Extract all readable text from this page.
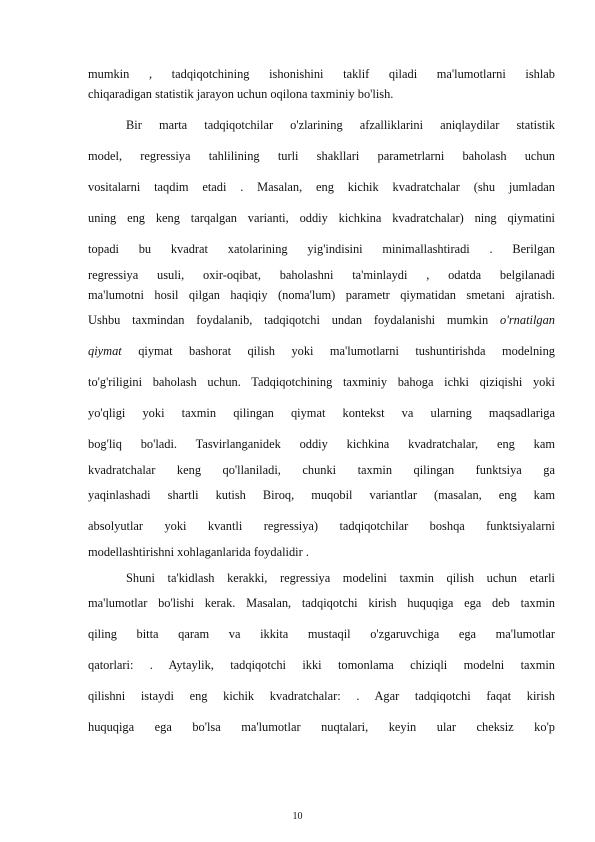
mumkin , tadqiqotchining ishonishini taklif qiladi ma'lumotlarni ishlab
chiqaradigan statistik jarayon uchun oqilona taxminiy bo'lish.
Bir marta tadqiqotchilar o'zlarining afzalliklarini aniqlaydilar statistik
model, regressiya tahlilining turli shakllari parametrlarni baholash uchun
vositalarni taqdim etadi . Masalan, eng kichik kvadratchalar (shu jumladan
uning eng keng tarqalgan varianti, oddiy kichkina kvadratchalar) ning qiymatini
topadi bu kvadrat xatolarining yig'indisini minimallashtiradi . Berilgan
regressiya usuli, oxir-oqibat, baholashni ta'minlaydi , odatda belgilanadi
ma'lumotni hosil qilgan haqiqiy (noma'lum) parametr qiymatidan smetani ajratish.
Ushbu taxmindan foydalanib, tadqiqotchi undan foydalanishi mumkin o'rnatilgan
qiymat qiymat bashorat qilish yoki ma'lumotlarni tushuntirishda modelning
to'g'riligini baholash uchun. Tadqiqotchining taxminiy bahoga ichki qiziqishi yoki
yo'qligi yoki taxmin qilingan qiymat kontekst va ularning maqsadlariga
bog'liq bo'ladi. Tasvirlanganidek oddiy kichkina kvadratchalar, eng kam
kvadratchalar keng qo'llaniladi, chunki taxmin qilingan funktsiya ga
yaqinlashadi shartli kutish Biroq, muqobil variantlar (masalan, eng kam
absolyutlar yoki kvantli regressiya) tadqiqotchilar boshqa funktsiyalarni
modellashtirishni xohlaganlarida foydalidir .
Shuni ta'kidlash kerakki, regressiya modelini taxmin qilish uchun etarli
ma'lumotlar bo'lishi kerak. Masalan, tadqiqotchi kirish huquqiga ega deb taxmin
qiling bitta qaram va ikkita mustaqil o'zgaruvchiga ega ma'lumotlar
qatorlari: . Aytaylik, tadqiqotchi ikki tomonlama chiziqli modelni taxmin
qilishni istaydi eng kichik kvadratchalar: . Agar tadqiqotchi faqat kirish
huquqiga ega bo'lsa ma'lumotlar nuqtalari, keyin ular cheksiz ko'p
10
